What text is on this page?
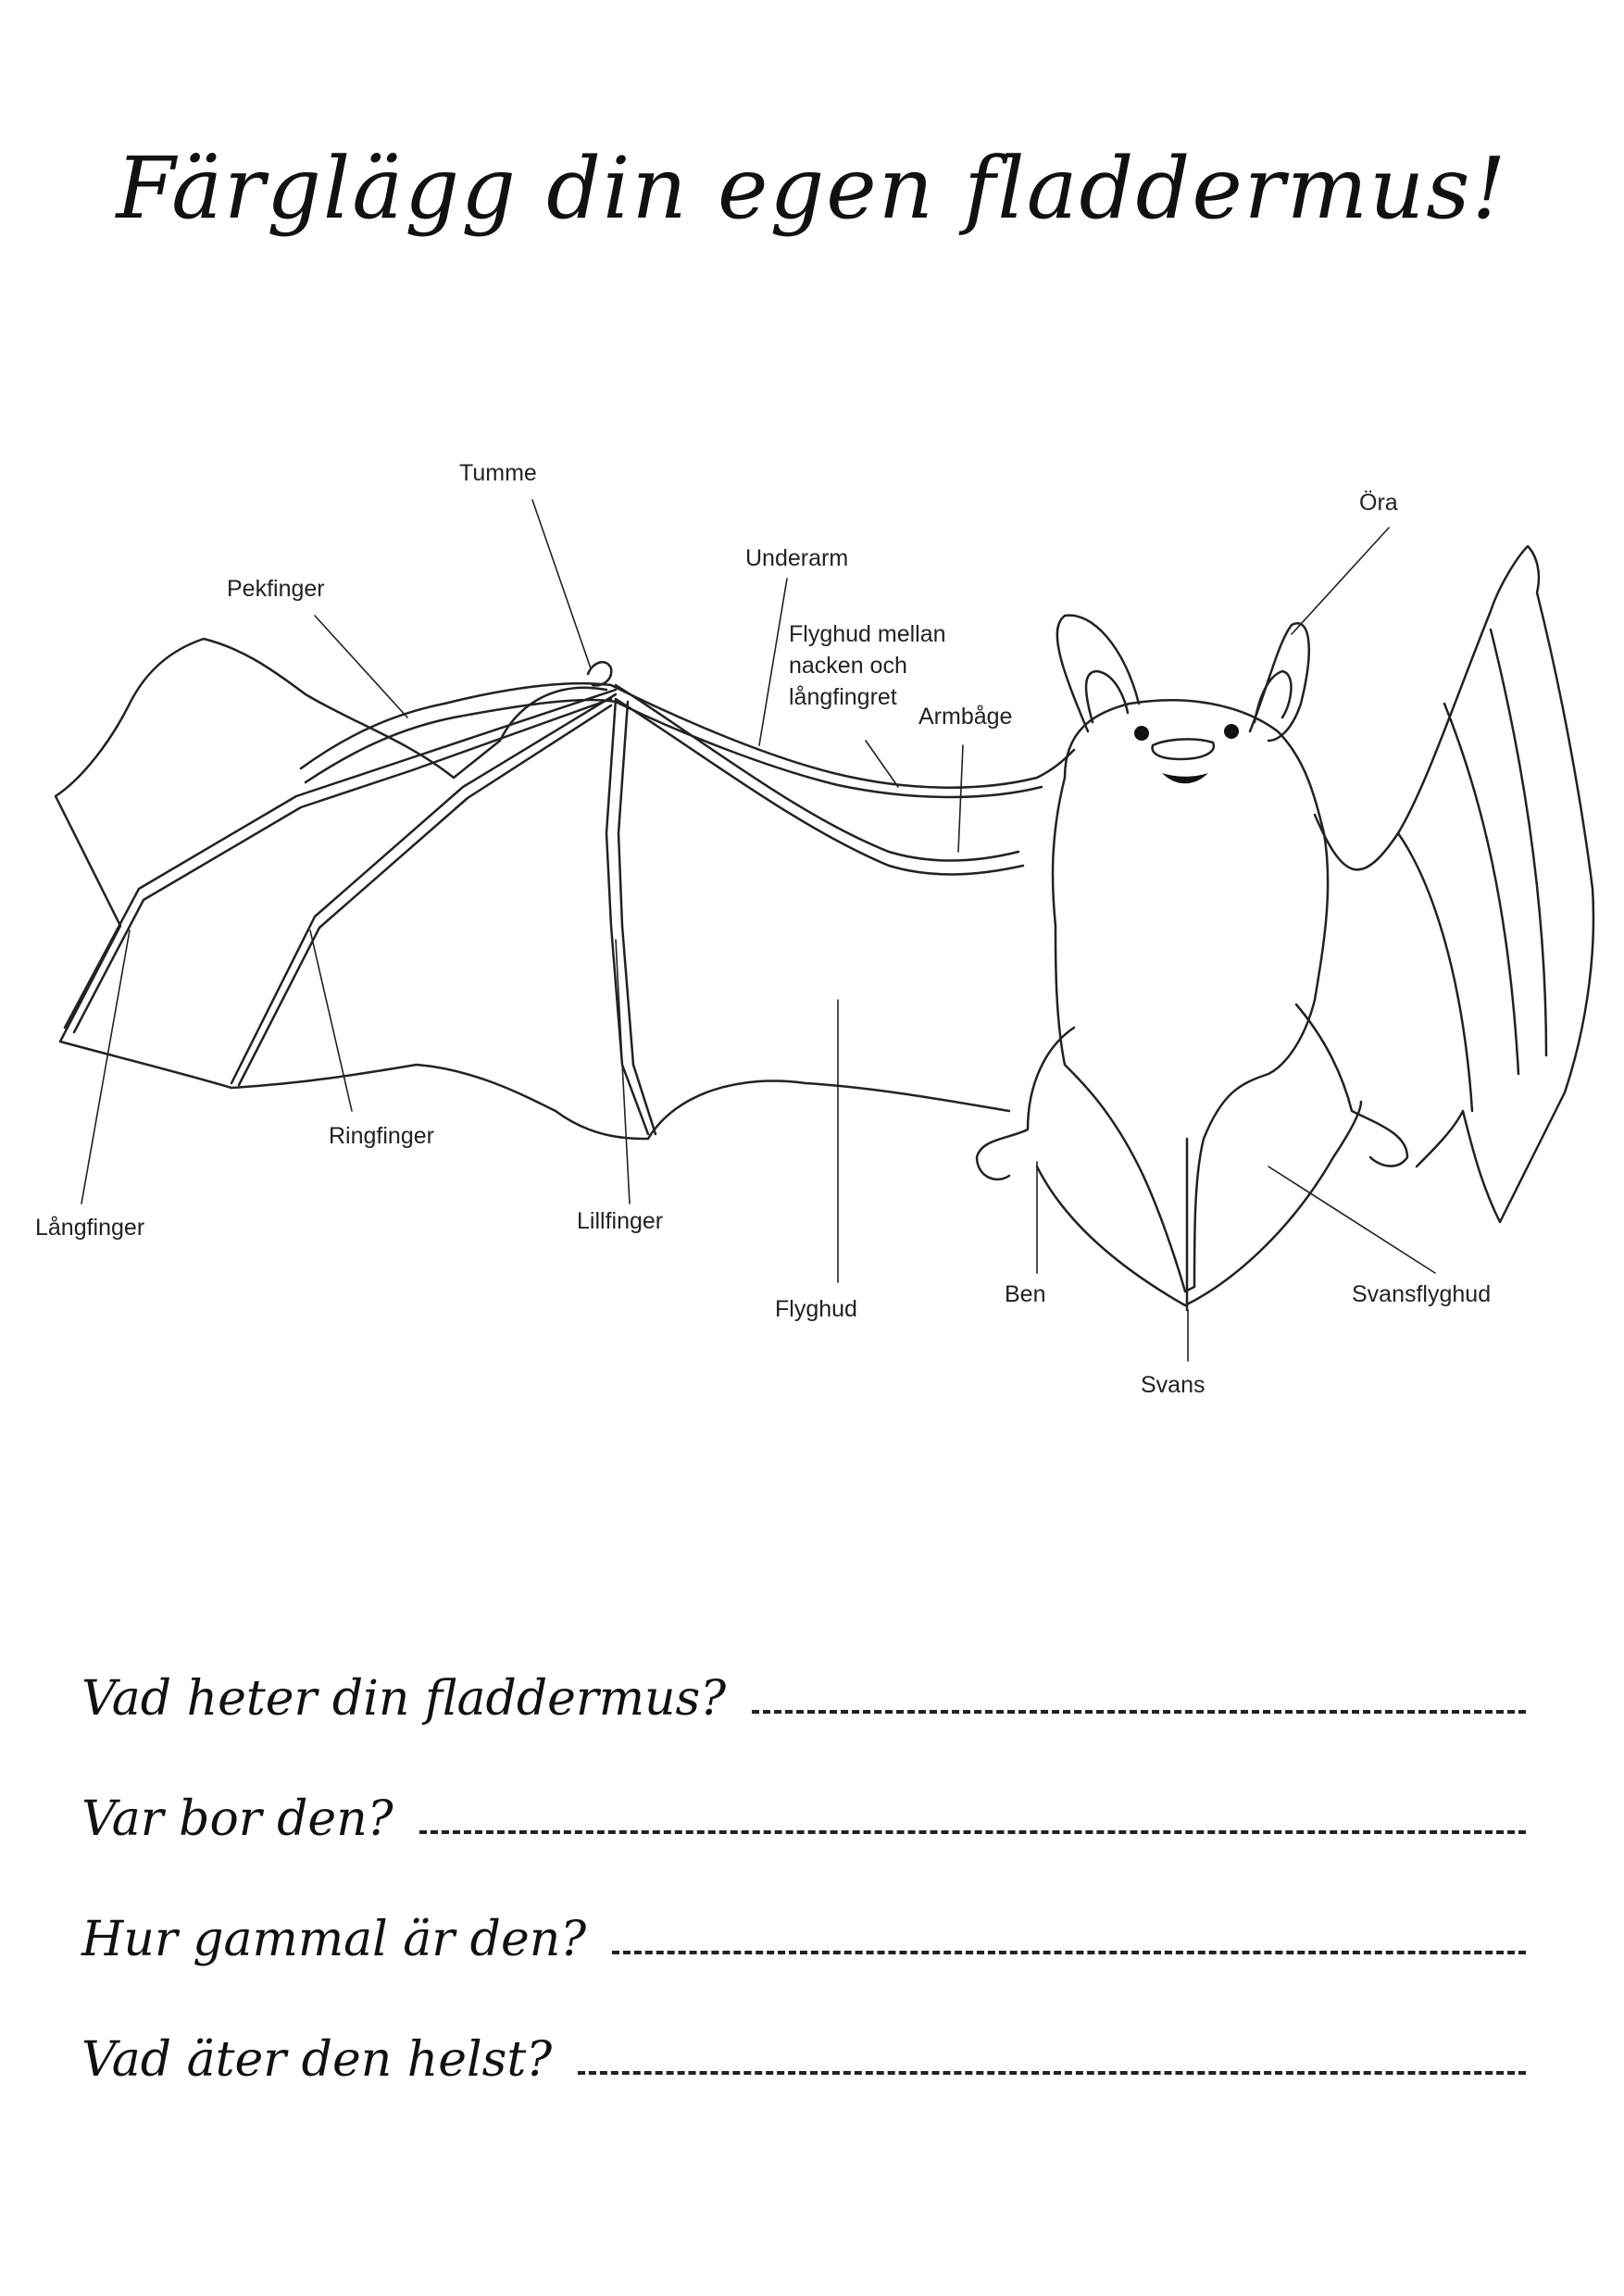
Färglägg din egen fladdermus!
Tumme
Öra
Underarm
Pekfinger
Flyghud mellan nacken och långfingret
Armbåge
Ringfinger
Långfinger	Lillfinger
Flyghud
Ben	Svansflyghud
Svans
Vad heter din fladdermus?
Var bor den?
Hur gammal är den?
Vad äter den helst?
